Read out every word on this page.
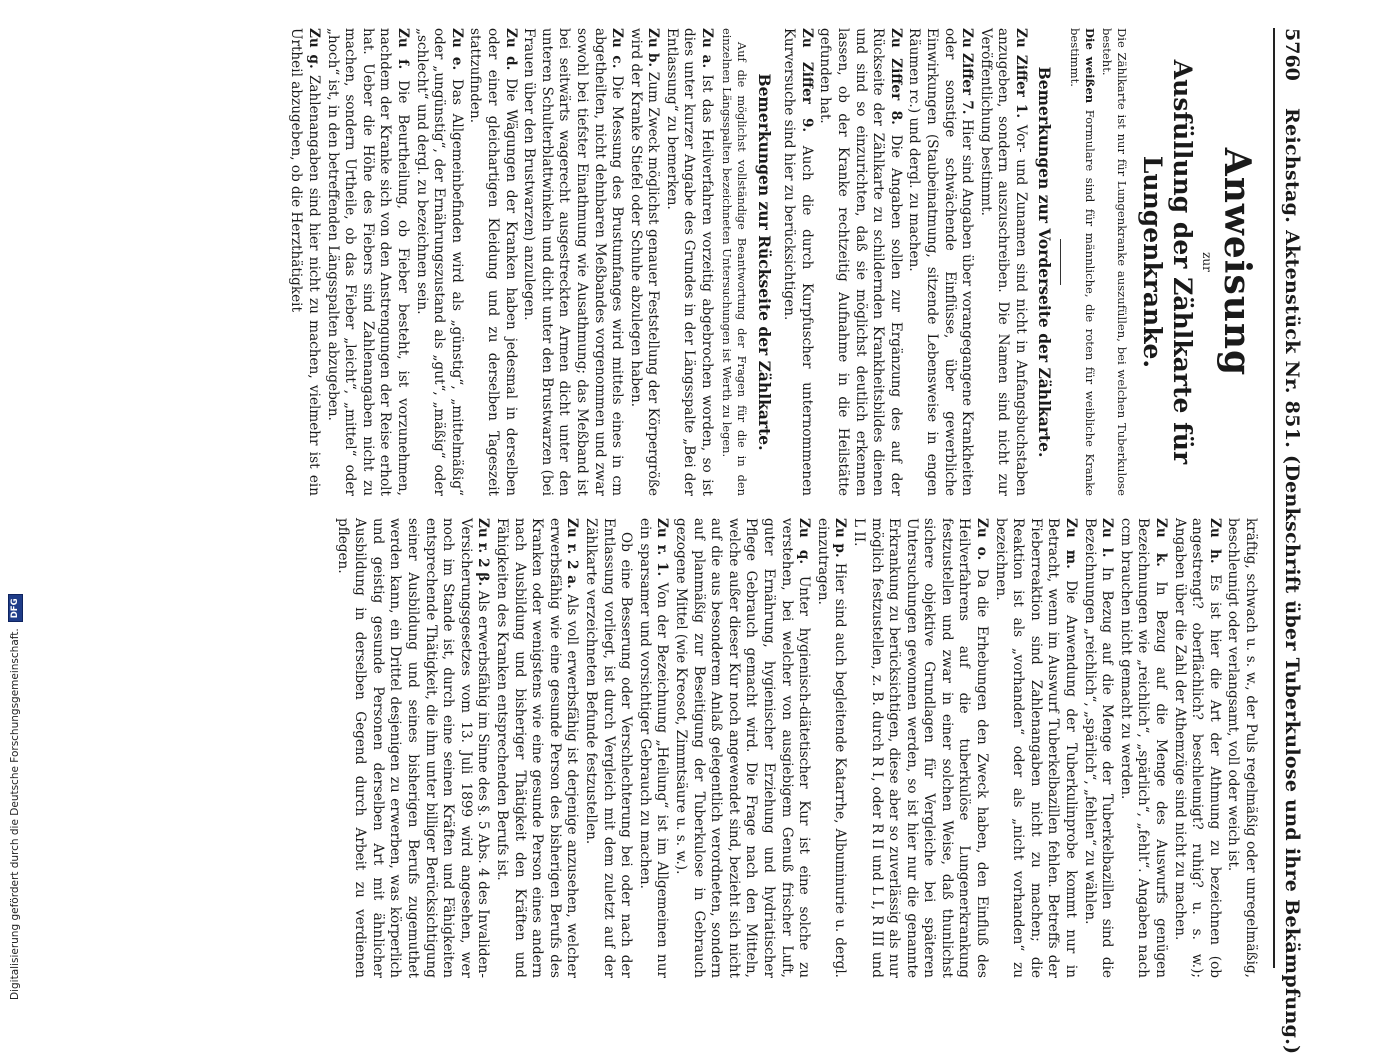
5760
Reichstag. Aktenstück Nr. 851. (Denkschrift über Tuberkulose und ihre Bekämpfung.)
Anweisung
zur
Ausfüllung der Zählkarte für Lungenkranke.

Die Zählkarte ist nur für Lungenkranke auszufüllen, bei welchen Tuberkulose besteht.

Die weißen Formulare sind für männliche, die roten für weibliche Kranke bestimmt.

Bemerkungen zur Vorderseite der Zählkarte.

Zu Ziffer 1. Vor- und Zunamen sind nicht in Anfangsbuchstaben anzugeben, sondern auszuschreiben. Die Namen sind nicht zur Veröffentlichung bestimmt.

Zu Ziffer 7. Hier sind Angaben über vorangegangene Krankheiten oder sonstige schwächende Einflüsse, über gewerbliche Einwirkungen (Staubeinatmung, sitzende Lebensweise in engen Räumen rc.) und dergl. zu machen.

Zu Ziffer 8. Die Angaben sollen zur Ergänzung des auf der Rückseite der Zählkarte zu schildernden Krankheitsbildes dienen und sind so einzurichten, daß sie möglichst deutlich erkennen lassen, ob der Kranke rechtzeitig Aufnahme in die Heilstätte gefunden hat.

Zu Ziffer 9. Auch die durch Kurpfuscher unternommenen Kurversuche sind hier zu berücksichtigen.

Bemerkungen zur Rückseite der Zählkarte.

Auf die möglichst vollständige Beantwortung der Fragen für die in den einzelnen Längsspalten bezeichneten Untersuchungen ist Werth zu legen.

Zu a. Ist das Heilverfahren vorzeitig abgebrochen worden, so ist dies unter kurzer Angabe des Grundes in der Längsspalte „Bei der Entlassung“ zu bemerken.

Zu b. Zum Zweck möglichst genauer Feststellung der Körpergröße wird der Kranke Stiefel oder Schuhe abzulegen haben.

Zu c. Die Messung des Brustumfanges wird mittels eines in cm abgetheilten, nicht dehnbaren Meßbandes vorgenommen und zwar sowohl bei tiefster Einathmung wie Ausathmung; das Meßband ist bei seitwärts wagerecht ausgestreckten Armen dicht unter den unteren Schulterblattwinkeln und dicht unter den Brustwarzen (bei Frauen über den Brustwarzen) anzulegen.

Zu d. Die Wägungen der Kranken haben jedesmal in derselben oder einer gleichartigen Kleidung und zu derselben Tageszeit stattzufinden.

Zu e. Das Allgemeinbefinden wird als „günstig“, „mittelmäßig“ oder „ungünstig“, der Ernährungszustand als „gut“, „mäßig“ oder „schlecht“ und dergl. zu bezeichnen sein.

Zu f. Die Beurtheilung, ob Fieber besteht, ist vorzunehmen, nachdem der Kranke sich von den Anstrengungen der Reise erholt hat. Ueber die Höhe des Fiebers sind Zahlenangaben nicht zu machen, sondern Urtheile, ob das Fieber „leicht“, „mittel“ oder „hoch“ ist, in den betreffenden Längsspalten abzugeben.

Zu g. Zahlenangaben sind hier nicht zu machen, vielmehr ist ein Urtheil abzugeben, ob die Herzthätigkeit

kräftig, schwach u. s. w., der Puls regelmäßig oder unregelmäßig, beschleunigt oder verlangsamt, voll oder weich ist.

Zu h. Es ist hier die Art der Athmung zu bezeichnen (ob angestrengt? oberflächlich? beschleunigt? ruhig? u. s. w.); Angaben über die Zahl der Athemzüge sind nicht zu machen.

Zu k. In Bezug auf die Menge des Auswurfs genügen Bezeichnungen wie „reichlich“, „spärlich“, „fehlt“. Angaben nach ccm brauchen nicht gemacht zu werden.

Zu l. In Bezug auf die Menge der Tuberkelbazillen sind die Bezeichnungen „reichlich“, „spärlich“, „fehlen“ zu wählen.

Zu m. Die Anwendung der Tuberkulinprobe kommt nur in Betracht, wenn im Auswurf Tuberkelbazillen fehlen. Betreffs der Fieberreaktion sind Zahlenangaben nicht zu machen; die Reaktion ist als „vorhanden“ oder als „nicht vorhanden“ zu bezeichnen.

Zu o. Da die Erhebungen den Zweck haben, den Einfluß des Heilverfahrens auf die tuberkulöse Lungenerkrankung festzustellen und zwar in einer solchen Weise, daß thunlichst sichere objektive Grundlagen für Vergleiche bei späteren Untersuchungen gewonnen werden, so ist hier nur die genannte Erkrankung zu berücksichtigen, diese aber so zuverlässig als nur möglich festzustellen, z. B. durch R I, oder R II und L I, R III und L II.

Zu p. Hier sind auch begleitende Katarrhe, Albuminurie u. dergl. einzutragen.

Zu q. Unter hygienisch-diätetischer Kur ist eine solche zu verstehen, bei welcher von ausgiebigem Genuß frischer Luft, guter Ernährung, hygienischer Erziehung und hydriatischer Pflege Gebrauch gemacht wird. Die Frage nach den Mitteln, welche außer dieser Kur noch angewendet sind, bezieht sich nicht auf die aus besonderem Anlaß gelegentlich verordneten, sondern auf planmäßig zur Beseitigung der Tuberkulose in Gebrauch gezogene Mittel (wie Kreosot, Zimmtsäure u. s. w.).

Zu r. 1. Von der Bezeichnung „Heilung“ ist im Allgemeinen nur ein sparsamer und vorsichtiger Gebrauch zu machen.

Ob eine Besserung oder Verschlechterung bei oder nach der Entlassung vorliegt, ist durch Vergleich mit dem zuletzt auf der Zählkarte verzeichneten Befunde festzustellen.

Zu r. 2 a. Als voll erwerbsfähig ist derjenige anzusehen, welcher erwerbsfähig wie eine gesunde Person des bisherigen Berufs des Kranken oder wenigstens wie eine gesunde Person eines andern nach Ausbildung und bisheriger Thätigkeit den Kräften und Fähigkeiten des Kranken entsprechenden Berufs ist.

Zu r. 2 β. Als erwerbsfähig im Sinne des §. 5 Abs. 4 des Invaliden-Versicherungsgesetzes vom 13. Juli 1899 wird angesehen, wer noch im Stande ist, durch eine seinen Kräften und Fähigkeiten entsprechende Thätigkeit, die ihm unter billiger Berücksichtigung seiner Ausbildung und seines bisherigen Berufs zugemuthet werden kann, ein Drittel desjenigen zu erwerben, was körperlich und geistig gesunde Personen derselben Art mit ähnlicher Ausbildung in derselben Gegend durch Arbeit zu verdienen pflegen.

Digitalisierung gefördert durch die Deutsche Forschungsgemeinschaft.
DFG
